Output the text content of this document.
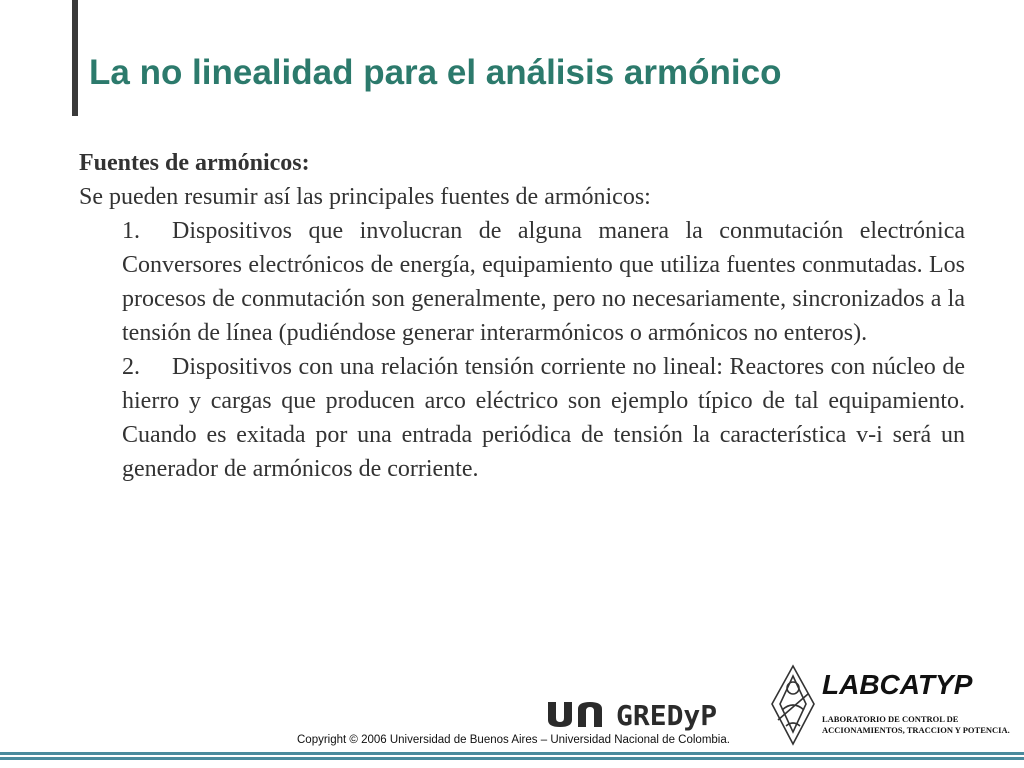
La no linealidad para el análisis armónico

Fuentes de armónicos:

Se pueden resumir así las principales fuentes de armónicos:

1. Dispositivos que involucran de alguna manera la conmutación electrónica Conversores electrónicos de energía, equipamiento que utiliza fuentes conmutadas. Los procesos de conmutación son generalmente, pero no necesariamente, sincronizados a la tensión de línea (pudiéndose generar interarmónicos o armónicos no enteros).

2. Dispositivos con una relación tensión corriente no lineal: Reactores con núcleo de hierro y cargas que producen arco eléctrico son ejemplo típico de tal equipamiento. Cuando es exitada por una entrada periódica de tensión la característica v-i será un generador de armónicos de corriente.

GREDyP

Copyright © 2006 Universidad de Buenos Aires – Universidad Nacional de Colombia.

LABCATYP

LABORATORIO DE CONTROL DE
ACCIONAMIENTOS, TRACCION Y POTENCIA.
